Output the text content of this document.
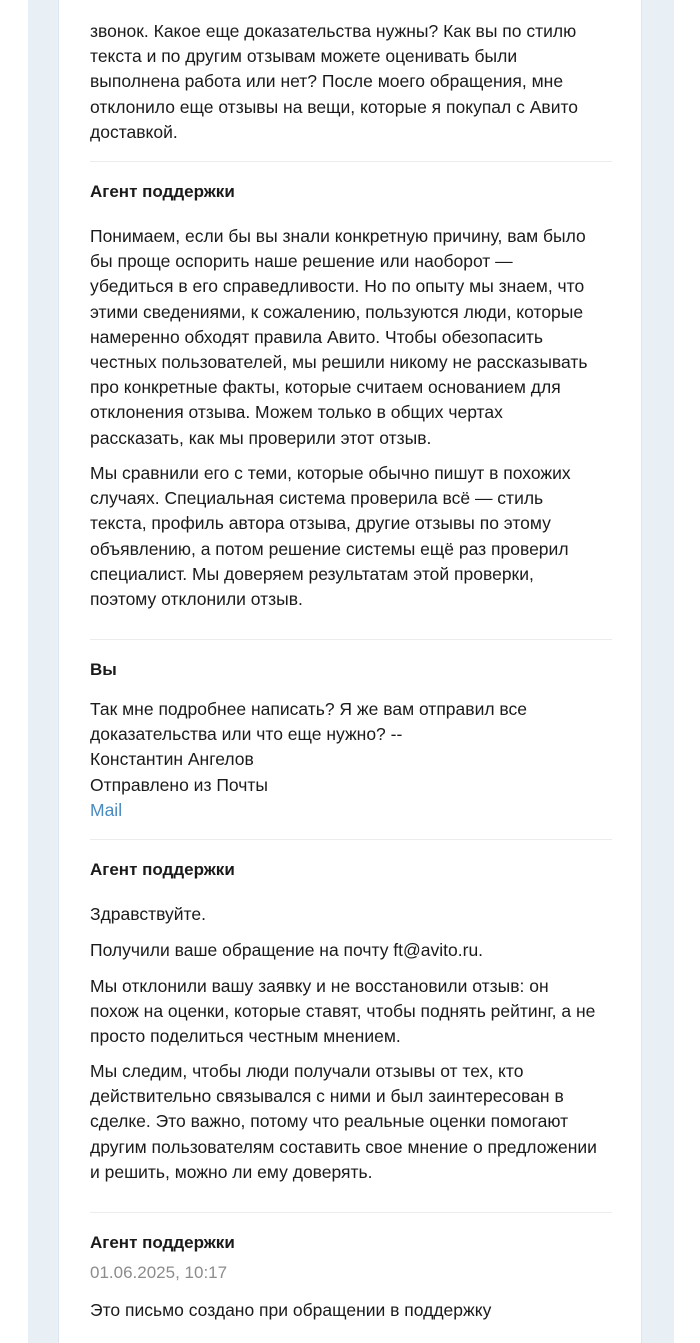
звонок. Какое еще доказательства нужны? Как вы по стилю
текста и по другим отзывам можете оценивать были
выполнена работа или нет? После моего обращения, мне
отклонило еще отзывы на вещи, которые я покупал с Авито
доставкой.

Агент поддержки

Понимаем, если бы вы знали конкретную причину, вам было
бы проще оспорить наше решение или наоборот —
убедиться в его справедливости. Но по опыту мы знаем, что
этими сведениями, к сожалению, пользуются люди, которые
намеренно обходят правила Авито. Чтобы обезопасить
честных пользователей, мы решили никому не рассказывать
про конкретные факты, которые считаем основанием для
отклонения отзыва. Можем только в общих чертах
рассказать, как мы проверили этот отзыв.

Мы сравнили его с теми, которые обычно пишут в похожих
случаях. Специальная система проверила всё — стиль
текста, профиль автора отзыва, другие отзывы по этому
объявлению, а потом решение системы ещё раз проверил
специалист. Мы доверяем результатам этой проверки,
поэтому отклонили отзыв.

Вы

Так мне подробнее написать? Я же вам отправил все
доказательства или что еще нужно? --
Константин Ангелов
Отправлено из Почты
Mail

Агент поддержки

Здравствуйте.

Получили ваше обращение на почту ft@avito.ru.

Мы отклонили вашу заявку и не восстановили отзыв: он
похож на оценки, которые ставят, чтобы поднять рейтинг, а не
просто поделиться честным мнением.

Мы следим, чтобы люди получали отзывы от тех, кто
действительно связывался с ними и был заинтересован в
сделке. Это важно, потому что реальные оценки помогают
другим пользователям составить свое мнение о предложении
и решить, можно ли ему доверять.

Агент поддержки
01.06.2025, 10:17

Это письмо создано при обращении в поддержку
